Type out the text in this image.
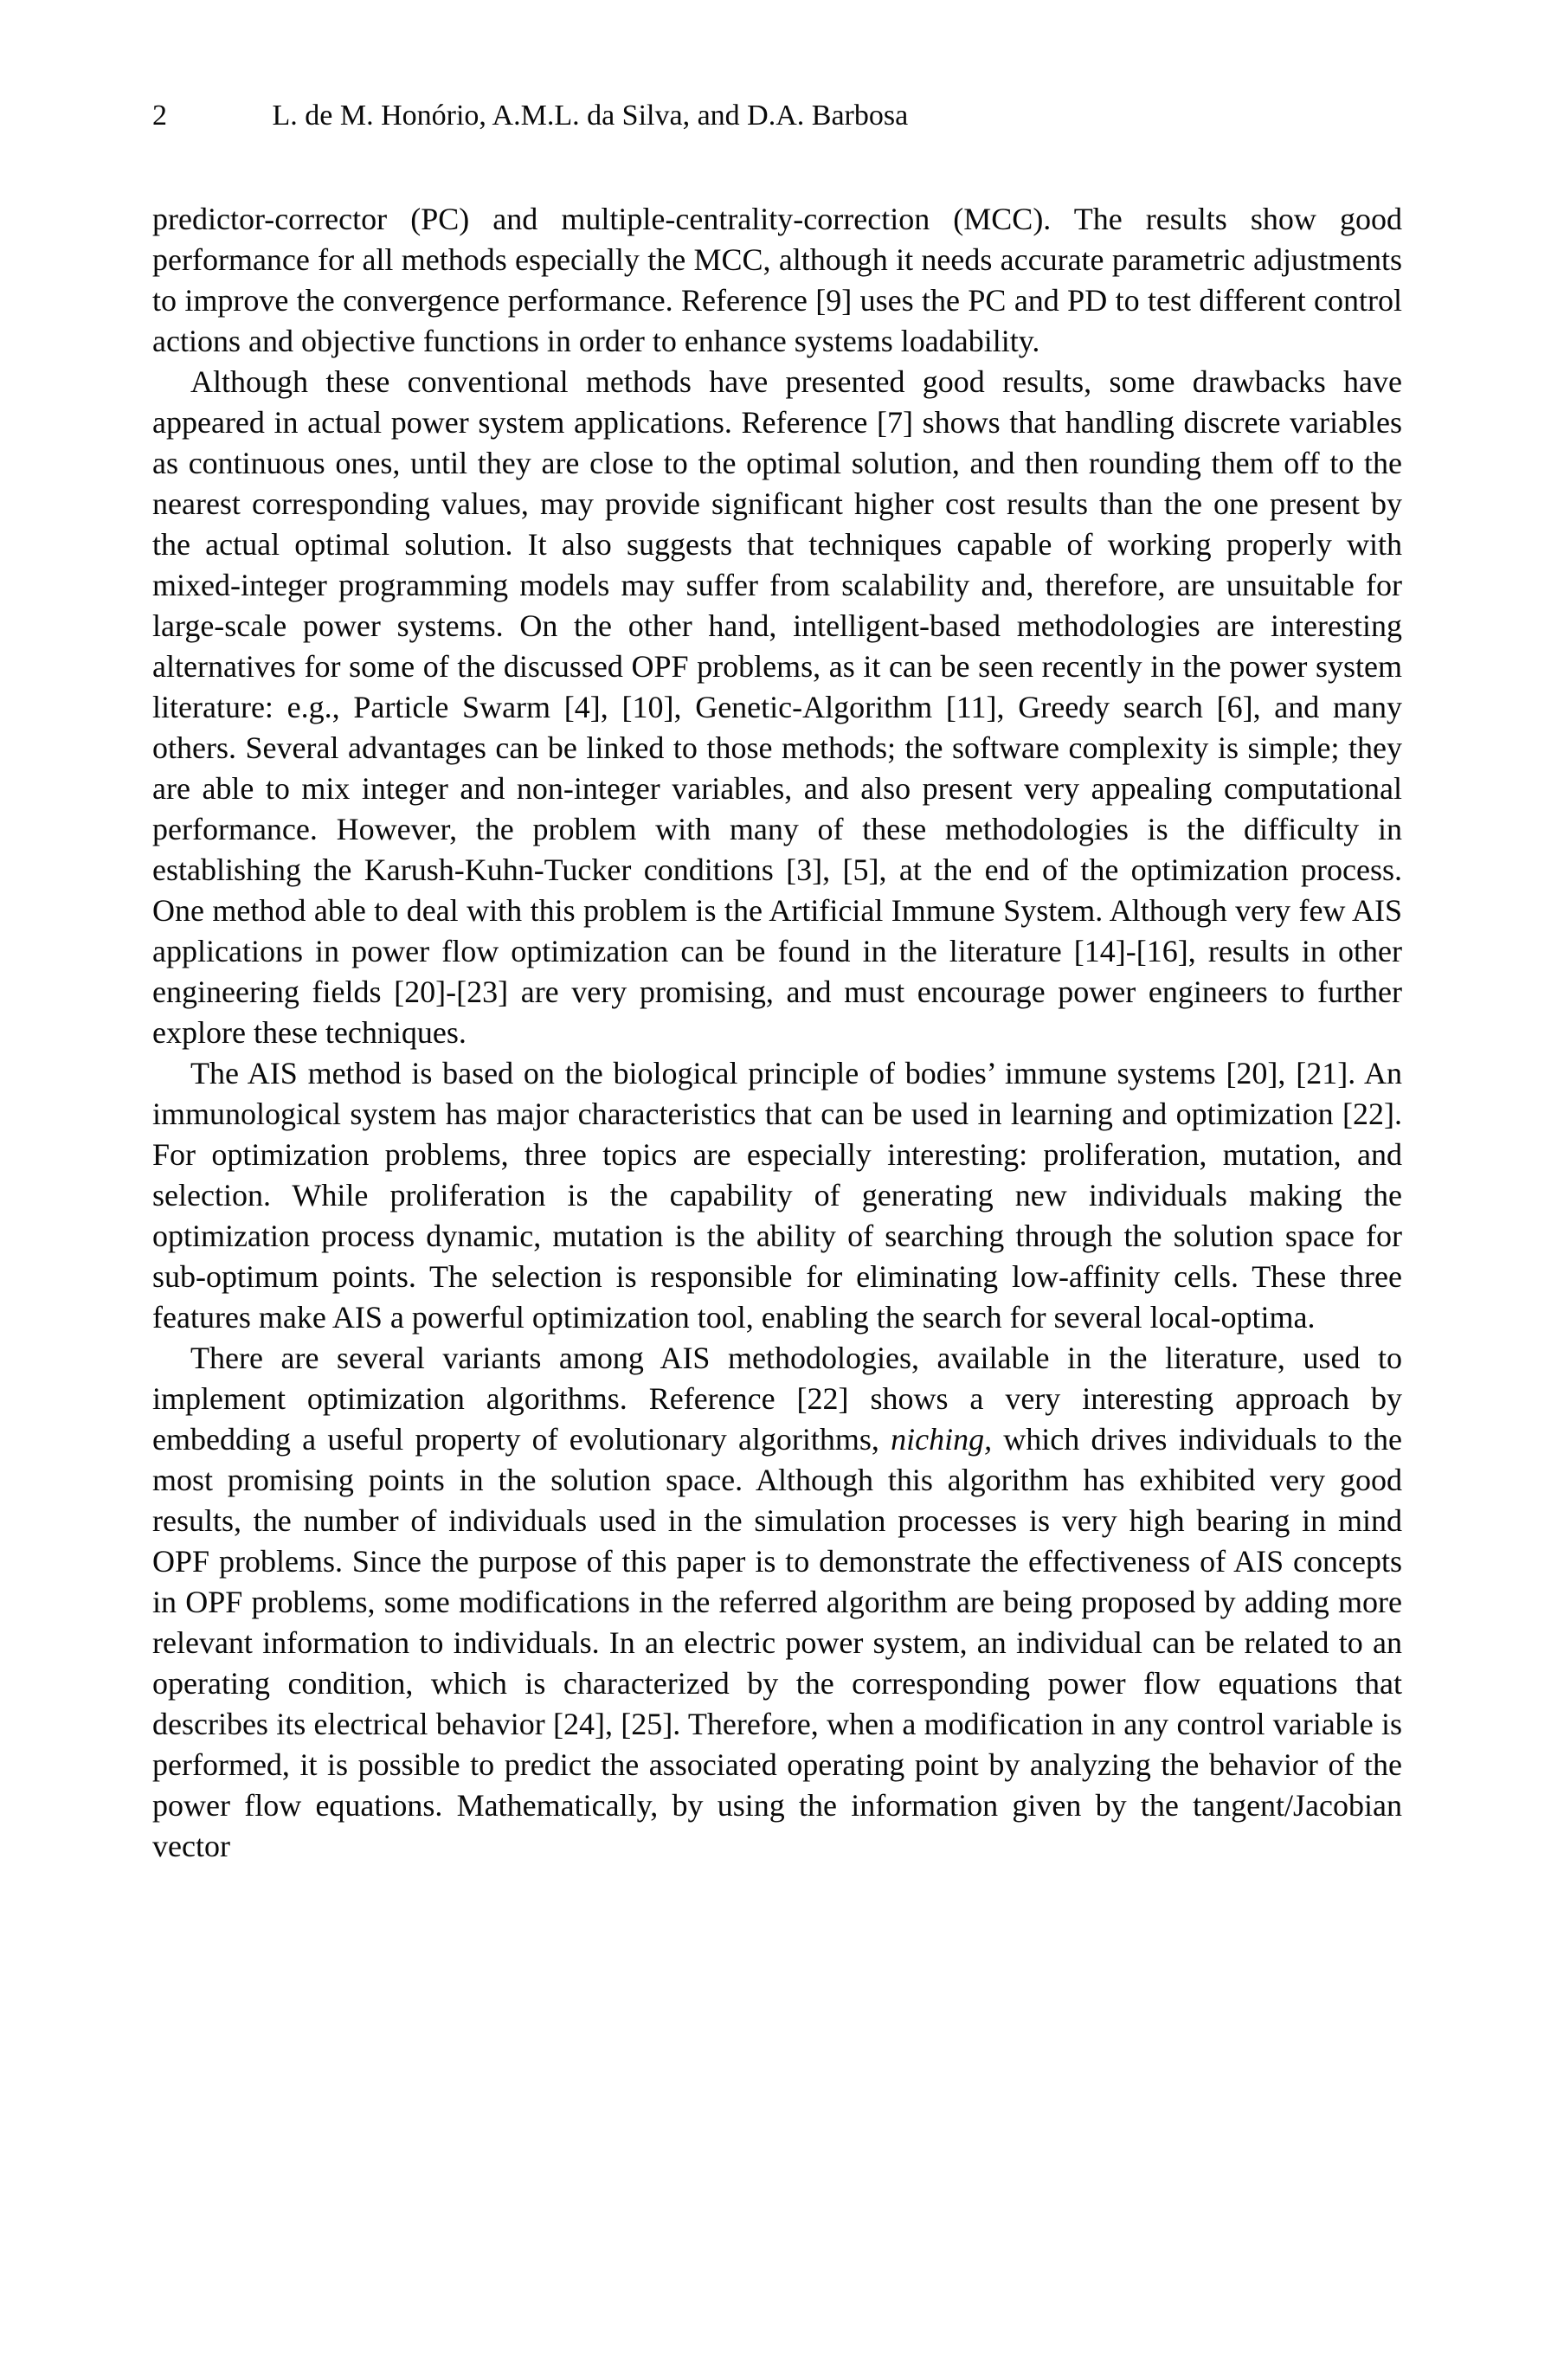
2	L. de M. Honório, A.M.L. da Silva, and D.A. Barbosa

predictor-corrector (PC) and multiple-centrality-correction (MCC). The results show good performance for all methods especially the MCC, although it needs accurate parametric adjustments to improve the convergence performance. Reference [9] uses the PC and PD to test different control actions and objective functions in order to enhance systems loadability.

Although these conventional methods have presented good results, some drawbacks have appeared in actual power system applications. Reference [7] shows that handling discrete variables as continuous ones, until they are close to the optimal solution, and then rounding them off to the nearest corresponding values, may provide significant higher cost results than the one present by the actual optimal solution. It also suggests that techniques capable of working properly with mixed-integer programming models may suffer from scalability and, therefore, are unsuitable for large-scale power systems. On the other hand, intelligent-based methodologies are interesting alternatives for some of the discussed OPF problems, as it can be seen recently in the power system literature: e.g., Particle Swarm [4], [10], Genetic-Algorithm [11], Greedy search [6], and many others. Several advantages can be linked to those methods; the software complexity is simple; they are able to mix integer and non-integer variables, and also present very appealing computational performance. However, the problem with many of these methodologies is the difficulty in establishing the Karush-Kuhn-Tucker conditions [3], [5], at the end of the optimization process. One method able to deal with this problem is the Artificial Immune System. Although very few AIS applications in power flow optimization can be found in the literature [14]-[16], results in other engineering fields [20]-[23] are very promising, and must encourage power engineers to further explore these techniques.

The AIS method is based on the biological principle of bodies’ immune systems [20], [21]. An immunological system has major characteristics that can be used in learning and optimization [22]. For optimization problems, three topics are especially interesting: proliferation, mutation, and selection. While proliferation is the capability of generating new individuals making the optimization process dynamic, mutation is the ability of searching through the solution space for sub-optimum points. The selection is responsible for eliminating low-affinity cells. These three features make AIS a powerful optimization tool, enabling the search for several local-optima.

There are several variants among AIS methodologies, available in the literature, used to implement optimization algorithms. Reference [22] shows a very interesting approach by embedding a useful property of evolutionary algorithms, niching, which drives individuals to the most promising points in the solution space. Although this algorithm has exhibited very good results, the number of individuals used in the simulation processes is very high bearing in mind OPF problems. Since the purpose of this paper is to demonstrate the effectiveness of AIS concepts in OPF problems, some modifications in the referred algorithm are being proposed by adding more relevant information to individuals. In an electric power system, an individual can be related to an operating condition, which is characterized by the corresponding power flow equations that describes its electrical behavior [24], [25]. Therefore, when a modification in any control variable is performed, it is possible to predict the associated operating point by analyzing the behavior of the power flow equations. Mathematically, by using the information given by the tangent/Jacobian vector
